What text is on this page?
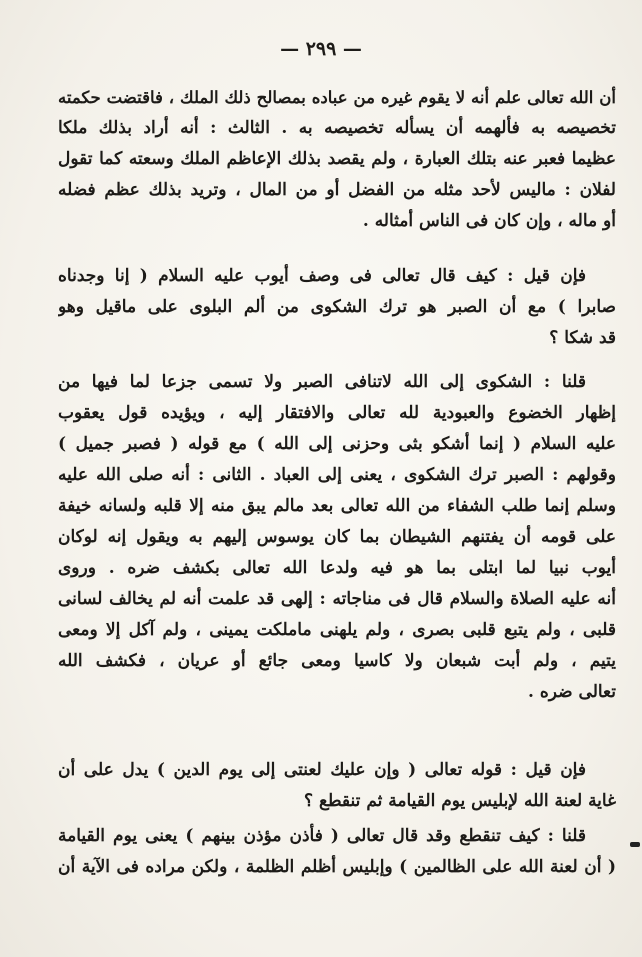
— ٢٩٩ —
أن الله تعالى علم أنه لا يقوم غيره من عباده بمصالح ذلك الملك ، فاقتضت حكمته
تخصيصه به فألهمه أن يسأله تخصيصه به . الثالث : أنه أراد بذلك ملكا
عظيما فعبر عنه بتلك العبارة ، ولم يقصد بذلك الإعاظم الملك وسعته كما تقول
لفلان : ماليس لأحد مثله من الفضل أو من المال ، وتريد بذلك عظم فضله
أو ماله ، وإن كان فى الناس أمثاله .
فإن قيل : كيف قال تعالى فى وصف أيوب عليه السلام ( إنا وجدناه
صابرا ) مع أن الصبر هو ترك الشكوى من ألم البلوى على ماقيل وهو
قد شكا ؟
قلنا : الشكوى إلى الله لاتنافى الصبر ولا تسمى جزعا لما فيها من
إظهار الخضوع والعبودية لله تعالى والافتقار إليه ، ويؤيده قول يعقوب
عليه السلام ( إنما أشكو بثى وحزنى إلى الله ) مع قوله ( فصبر جميل )
وقولهم : الصبر ترك الشكوى ، يعنى إلى العباد . الثانى : أنه صلى الله عليه
وسلم إنما طلب الشفاء من الله تعالى بعد مالم يبق منه إلا قلبه ولسانه خيفة
على قومه أن يفتنهم الشيطان بما كان يوسوس إليهم به ويقول إنه لوكان
أيوب نبيا لما ابتلى بما هو فيه ولدعا الله تعالى بكشف ضره . وروى
أنه عليه الصلاة والسلام قال فى مناجاته : إلهى قد علمت أنه لم يخالف لسانى
قلبى ، ولم يتبع قلبى بصرى ، ولم يلهنى ماملكت يمينى ، ولم آكل إلا ومعى
يتيم ، ولم أبت شبعان ولا كاسيا ومعى جائع أو عريان ، فكشف الله
تعالى ضره .
فإن قيل : قوله تعالى ( وإن عليك لعنتى إلى يوم الدين ) يدل على أن
غاية لعنة الله لإبليس يوم القيامة ثم تنقطع ؟
قلنا : كيف تنقطع وقد قال تعالى ( فأذن مؤذن بينهم ) يعنى يوم القيامة
( أن لعنة الله على الظالمين ) وإبليس أظلم الظلمة ، ولكن مراده فى الآية أن
